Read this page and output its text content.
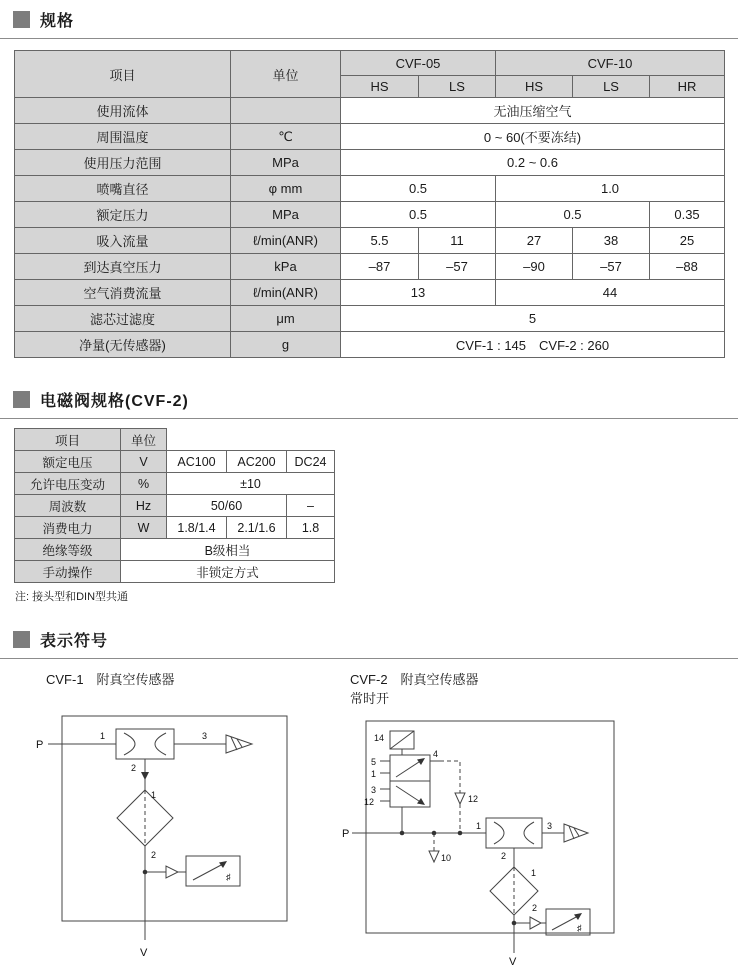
规格
项目	单位	CVF-05		CVF-10		
		HS	LS	HS	LS	HR
使用流体		无油压缩空气				
周围温度	℃	0 ~ 60(不要冻结)				
使用压力范围	MPa	0.2 ~ 0.6				
喷嘴直径	φ mm	0.5		1.0		
额定压力	MPa	0.5		0.5		0.35
吸入流量	ℓ/min(ANR)	5.5	11	27	38	25
到达真空压力	kPa	–87	–57	–90	–57	–88
空气消费流量	ℓ/min(ANR)	13		44		
滤芯过滤度	μm	5				
净量(无传感器)	g	CVF-1 : 145　CVF-2 : 260				
电磁阀规格(CVF-2)
项目	单位			
额定电压	V	AC100	AC200	DC24
允许电压变动	%	±10		
周波数	Hz	50/60		–
消费电力	W	1.8/1.4	2.1/1.6	1.8
绝缘等级	B级相当			
手动操作	非锁定方式			
注: 接头型和DIN型共通
表示符号
CVF-1　附真空传感器
P
1	3
2
1
2
♯
V
CVF-2　附真空传感器
常时开
14
5
1
3
12
4
12
10
P
1	3
2
1
2
♯
V
